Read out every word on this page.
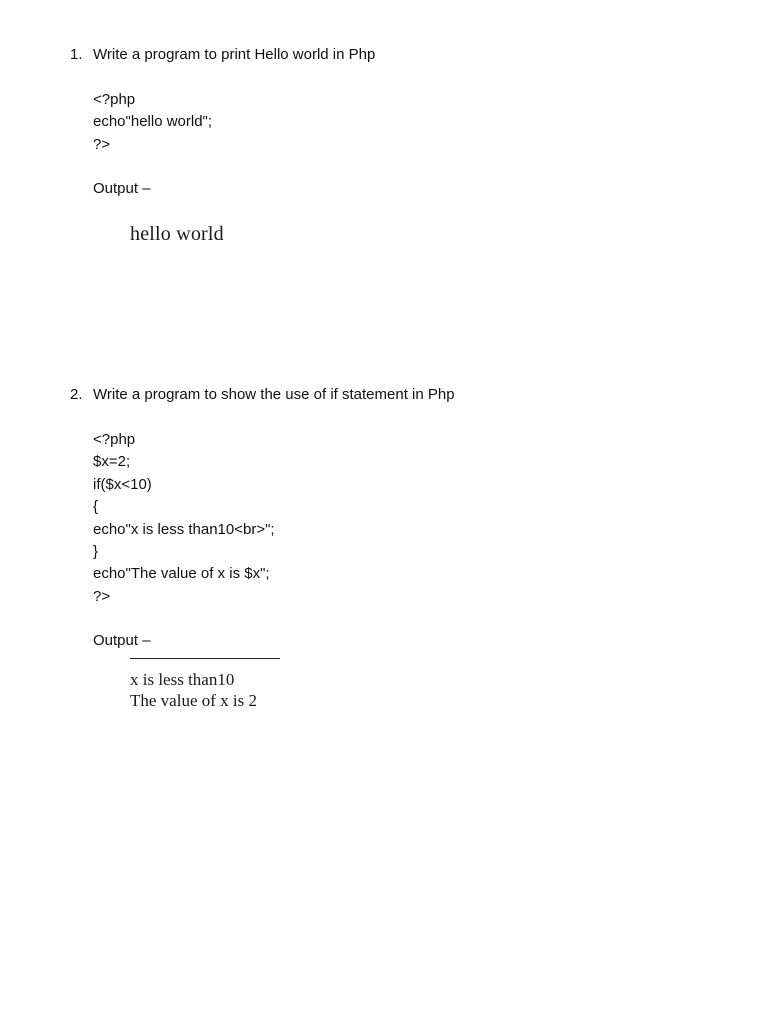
1. Write a program to print Hello world in Php
<?php
echo"hello world";
?>
Output –
hello world
2. Write a program to show the use of if statement in Php
<?php
$x=2;
if($x<10)
{
echo"x is less than10<br>";
}
echo"The value of x is $x";
?>
Output –
x is less than10
The value of x is 2
